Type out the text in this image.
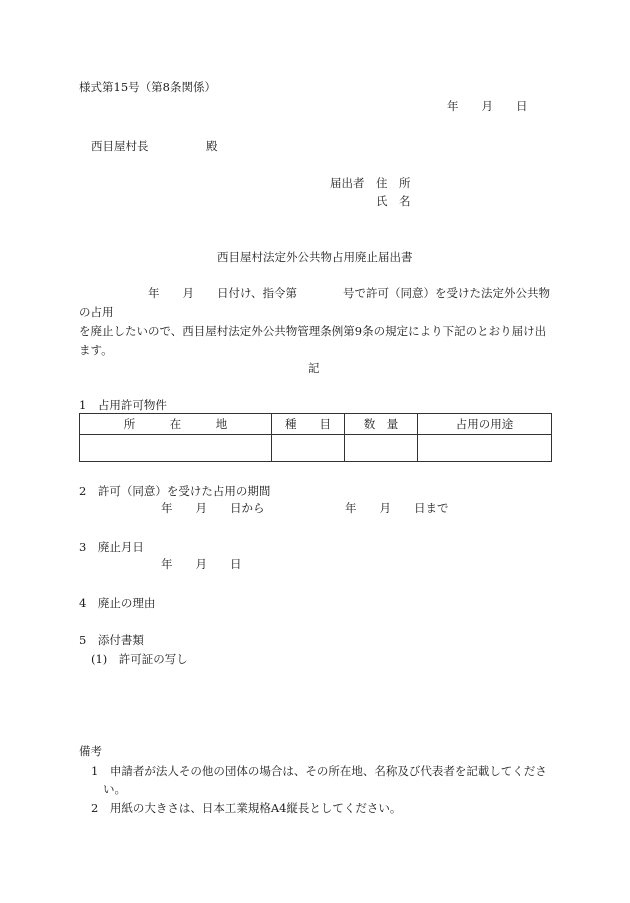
様式第15号（第8条関係）
年　　月　　日
西目屋村長　　　　　殿
届出者 住　所
氏　名
西目屋村法定外公共物占用廃止届出書
　　　　　　年　　月　　日付け、指令第　　　　号で許可（同意）を受けた法定外公共物の占用
を廃止したいので、西目屋村法定外公共物管理条例第9条の規定により下記のとおり届け出
ます。
記
1　占用許可物件
所　　　在　　　地	種　　目	数　量	占用の用途

2　許可（同意）を受けた占用の期間
年　　月　　日から　　　　　　　年　　月　　日まで
3　廃止月日
年　　月　　日
4　廃止の理由
5　添付書類
(1)　許可証の写し
備考
1　申請者が法人その他の団体の場合は、その所在地、名称及び代表者を記載してくださ
い。
2　用紙の大きさは、日本工業規格A4縦長としてください。
